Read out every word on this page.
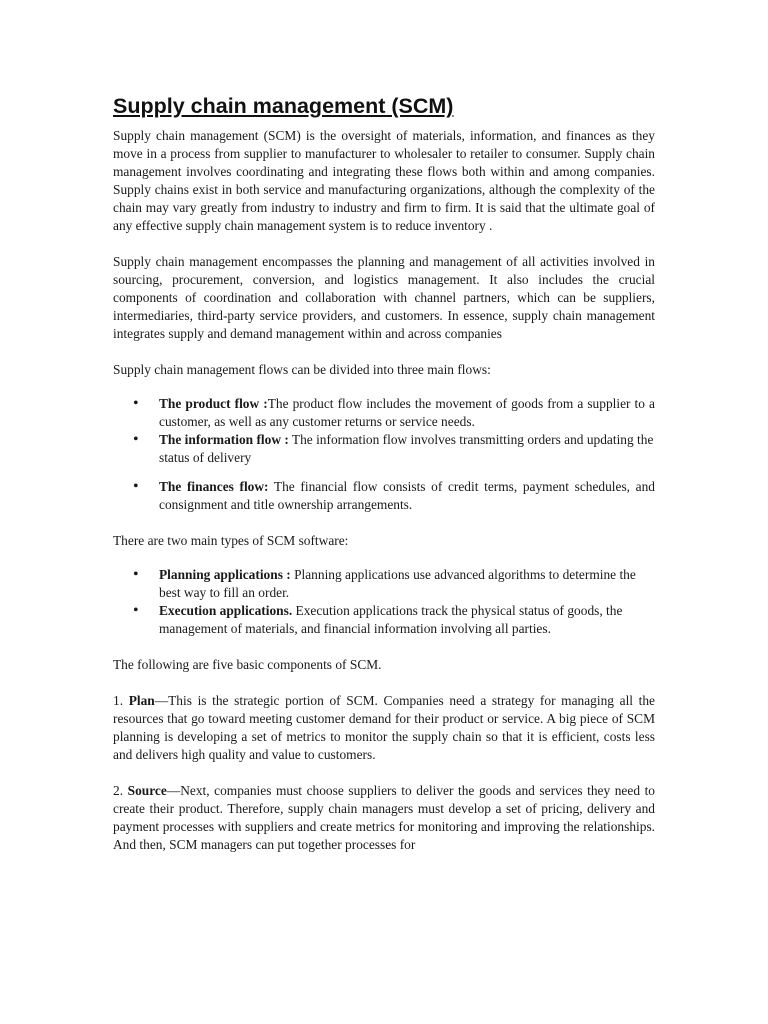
Supply chain management (SCM)

Supply chain management (SCM) is the oversight of materials, information, and finances as they move in a process from supplier to manufacturer to wholesaler to retailer to consumer. Supply chain management involves coordinating and integrating these flows both within and among companies. Supply chains exist in both service and manufacturing organizations, although the complexity of the chain may vary greatly from industry to industry and firm to firm. It is said that the ultimate goal of any effective supply chain management system is to reduce inventory .

Supply chain management encompasses the planning and management of all activities involved in sourcing, procurement, conversion, and logistics management. It also includes the crucial components of coordination and collaboration with channel partners, which can be suppliers, intermediaries, third-party service providers, and customers. In essence, supply chain management integrates supply and demand management within and across companies

Supply chain management flows can be divided into three main flows:

• The product flow :The product flow includes the movement of goods from a supplier to a customer, as well as any customer returns or service needs.
• The information flow : The information flow involves transmitting orders and updating the status of delivery
• The finances flow: The financial flow consists of credit terms, payment schedules, and consignment and title ownership arrangements.

There are two main types of SCM software:

• Planning applications : Planning applications use advanced algorithms to determine the best way to fill an order.
• Execution applications. Execution applications track the physical status of goods, the management of materials, and financial information involving all parties.

The following are five basic components of SCM.

1. Plan—This is the strategic portion of SCM. Companies need a strategy for managing all the resources that go toward meeting customer demand for their product or service. A big piece of SCM planning is developing a set of metrics to monitor the supply chain so that it is efficient, costs less and delivers high quality and value to customers.

2. Source—Next, companies must choose suppliers to deliver the goods and services they need to create their product. Therefore, supply chain managers must develop a set of pricing, delivery and payment processes with suppliers and create metrics for monitoring and improving the relationships. And then, SCM managers can put together processes for
